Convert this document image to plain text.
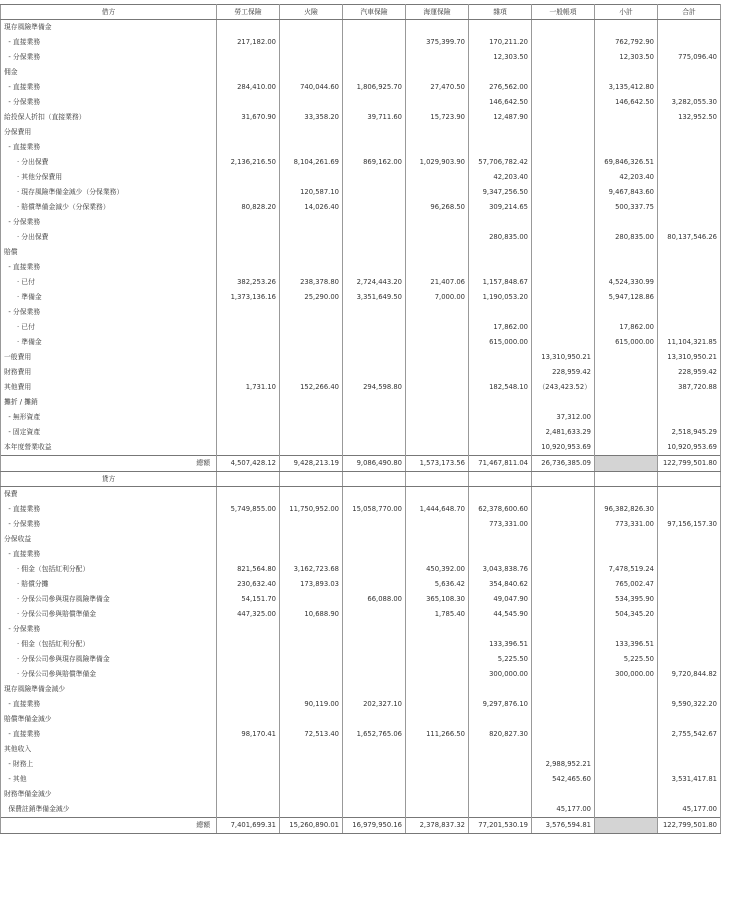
借方	勞工保險	火險	汽車保險	海運保險	雜項	一般帳項	小計	合計
現存風險準備金								
- 直接業務	217,182.00			375,399.70	170,211.20		762,792.90	
- 分保業務					12,303.50		12,303.50	775,096.40
佣金								
- 直接業務	284,410.00	740,044.60	1,806,925.70	27,470.50	276,562.00		3,135,412.80	
- 分保業務					146,642.50		146,642.50	3,282,055.30
給投保人折扣（直接業務）	31,670.90	33,358.20	39,711.60	15,723.90	12,487.90			132,952.50
分保費用								
- 直接業務								
· 分出保費	2,136,216.50	8,104,261.69	869,162.00	1,029,903.90	57,706,782.42		69,846,326.51	
· 其他分保費用					42,203.40		42,203.40	
· 現存風險準備金減少（分保業務）		120,587.10			9,347,256.50		9,467,843.60	
· 賠償準備金減少（分保業務）	80,828.20	14,026.40		96,268.50	309,214.65		500,337.75	
- 分保業務								
· 分出保費					280,835.00		280,835.00	80,137,546.26
賠償								
- 直接業務								
· 已付	382,253.26	238,378.80	2,724,443.20	21,407.06	1,157,848.67		4,524,330.99	
· 準備金	1,373,136.16	25,290.00	3,351,649.50	7,000.00	1,190,053.20		5,947,128.86	
- 分保業務								
· 已付					17,862.00		17,862.00	
· 準備金					615,000.00		615,000.00	11,104,321.85
一般費用						13,310,950.21		13,310,950.21
財務費用						228,959.42		228,959.42
其他費用	1,731.10	152,266.40	294,598.80		182,548.10	（243,423.52）		387,720.88
攤折 / 攤銷								
- 無形資產						37,312.00		
- 固定資產						2,481,633.29		2,518,945.29
本年度營業收益						10,920,953.69		10,920,953.69
總額	4,507,428.12	9,428,213.19	9,086,490.80	1,573,173.56	71,467,811.04	26,736,385.09		122,799,501.80
貸方								
保費								
- 直接業務	5,749,855.00	11,750,952.00	15,058,770.00	1,444,648.70	62,378,600.60		96,382,826.30	
- 分保業務					773,331.00		773,331.00	97,156,157.30
分保收益								
- 直接業務								
· 佣金（包括紅利分配）	821,564.80	3,162,723.68		450,392.00	3,043,838.76		7,478,519.24	
· 賠償分攤	230,632.40	173,893.03		5,636.42	354,840.62		765,002.47	
· 分保公司參與現存風險準備金	54,151.70		66,088.00	365,108.30	49,047.90		534,395.90	
· 分保公司參與賠償準備金	447,325.00	10,688.90		1,785.40	44,545.90		504,345.20	
- 分保業務								
· 佣金（包括紅利分配）					133,396.51		133,396.51	
· 分保公司參與現存風險準備金					5,225.50		5,225.50	
· 分保公司參與賠償準備金					300,000.00		300,000.00	9,720,844.82
現存風險準備金減少								
- 直接業務		90,119.00	202,327.10		9,297,876.10			9,590,322.20
賠償準備金減少								
- 直接業務	98,170.41	72,513.40	1,652,765.06	111,266.50	820,827.30			2,755,542.67
其他收入								
- 財務上						2,988,952.21		
- 其他						542,465.60		3,531,417.81
財務準備金減少								
保費註銷準備金減少						45,177.00		45,177.00
總額	7,401,699.31	15,260,890.01	16,979,950.16	2,378,837.32	77,201,530.19	3,576,594.81		122,799,501.80
